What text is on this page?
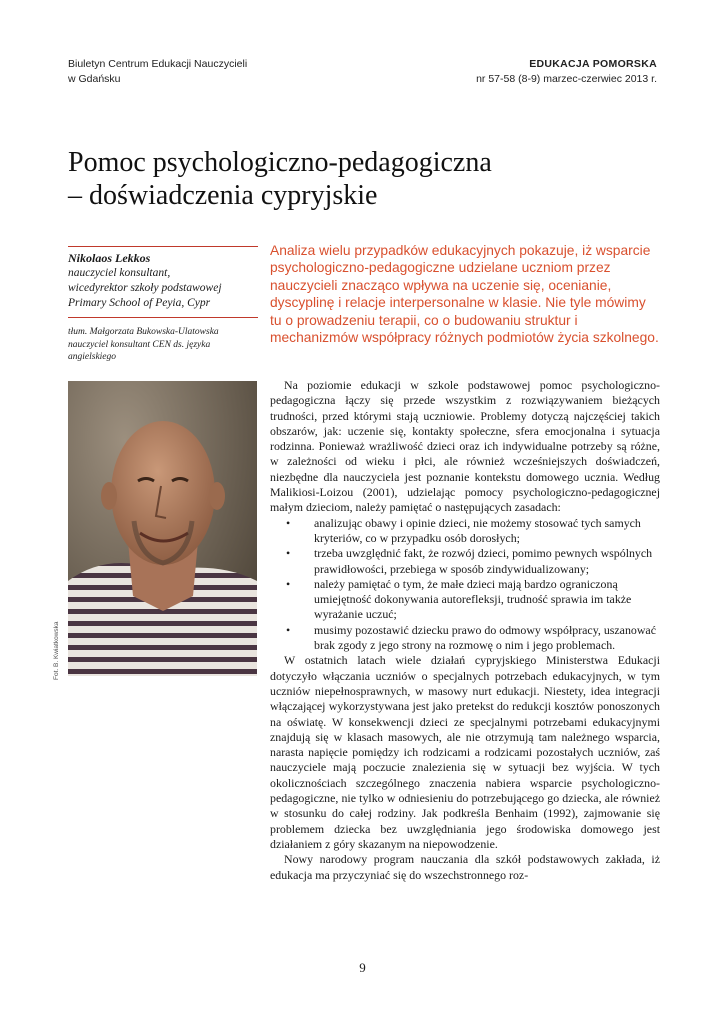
Biuletyn Centrum Edukacji Nauczycieli
w Gdańsku
EDUKACJA POMORSKA
nr 57-58 (8-9) marzec-czerwiec 2013 r.
Pomoc psychologiczno-pedagogiczna
– doświadczenia cypryjskie
Nikolaos Lekkos
nauczyciel konsultant,
wicedyrektor szkoły podstawowej
Primary School of Peyia, Cypr
tłum. Małgorzata Bukowska-Ulatowska nauczyciel konsultant CEN ds. języka angielskiego
Analiza wielu przypadków edukacyjnych pokazuje, iż wsparcie psychologiczno-pedagogiczne udzielane uczniom przez nauczycieli znacząco wpływa na uczenie się, ocenianie, dyscyplinę i relacje interpersonalne w klasie. Nie tyle mówimy tu o prowadzeniu terapii, co o budowaniu struktur i mechanizmów współpracy różnych podmiotów życia szkolnego.
Fot. B. Kwiatkowska

Na poziomie edukacji w szkole podstawowej pomoc psychologiczno-pedagogiczna łączy się przede wszystkim z rozwiązywaniem bieżących trudności, przed którymi stają uczniowie. Problemy dotyczą najczęściej takich obszarów, jak: uczenie się, kontakty społeczne, sfera emocjonalna i sytuacja rodzinna. Ponieważ wrażliwość dzieci oraz ich indywidualne potrzeby są różne, w zależności od wieku i płci, ale również wcześniejszych doświadczeń, niezbędne dla nauczyciela jest poznanie kontekstu domowego ucznia. Według Malikiosi-Loizou (2001), udzielając pomocy psychologiczno-pedagogicznej małym dzieciom, należy pamiętać o następujących zasadach:

• analizując obawy i opinie dzieci, nie możemy stosować tych samych kryteriów, co w przypadku osób dorosłych;
• trzeba uwzględnić fakt, że rozwój dzieci, pomimo pewnych wspólnych prawidłowości, przebiega w sposób zindywidualizowany;
• należy pamiętać o tym, że małe dzieci mają bardzo ograniczoną umiejętność dokonywania autorefleksji, trudność sprawia im także wyrażanie uczuć;
• musimy pozostawić dziecku prawo do odmowy współpracy, uszanować brak zgody z jego strony na rozmowę o nim i jego problemach.

W ostatnich latach wiele działań cypryjskiego Ministerstwa Edukacji dotyczyło włączania uczniów o specjalnych potrzebach edukacyjnych, w tym uczniów niepełnosprawnych, w masowy nurt edukacji. Niestety, idea integracji włączającej wykorzystywana jest jako pretekst do redukcji kosztów ponoszonych na oświatę. W konsekwencji dzieci ze specjalnymi potrzebami edukacyjnymi znajdują się w klasach masowych, ale nie otrzymują tam należnego wsparcia, narasta napięcie pomiędzy ich rodzicami a rodzicami pozostałych uczniów, zaś nauczyciele mają poczucie znalezienia się w sytuacji bez wyjścia. W tych okolicznościach szczególnego znaczenia nabiera wsparcie psychologiczno-pedagogiczne, nie tylko w odniesieniu do potrzebującego go dziecka, ale również w stosunku do całej rodziny. Jak podkreśla Benhaim (1992), zajmowanie się problemem dziecka bez uwzględniania jego środowiska domowego jest działaniem z góry skazanym na niepowodzenie.

Nowy narodowy program nauczania dla szkół podstawowych zakłada, iż edukacja ma przyczyniać się do wszechstronnego roz-

9
